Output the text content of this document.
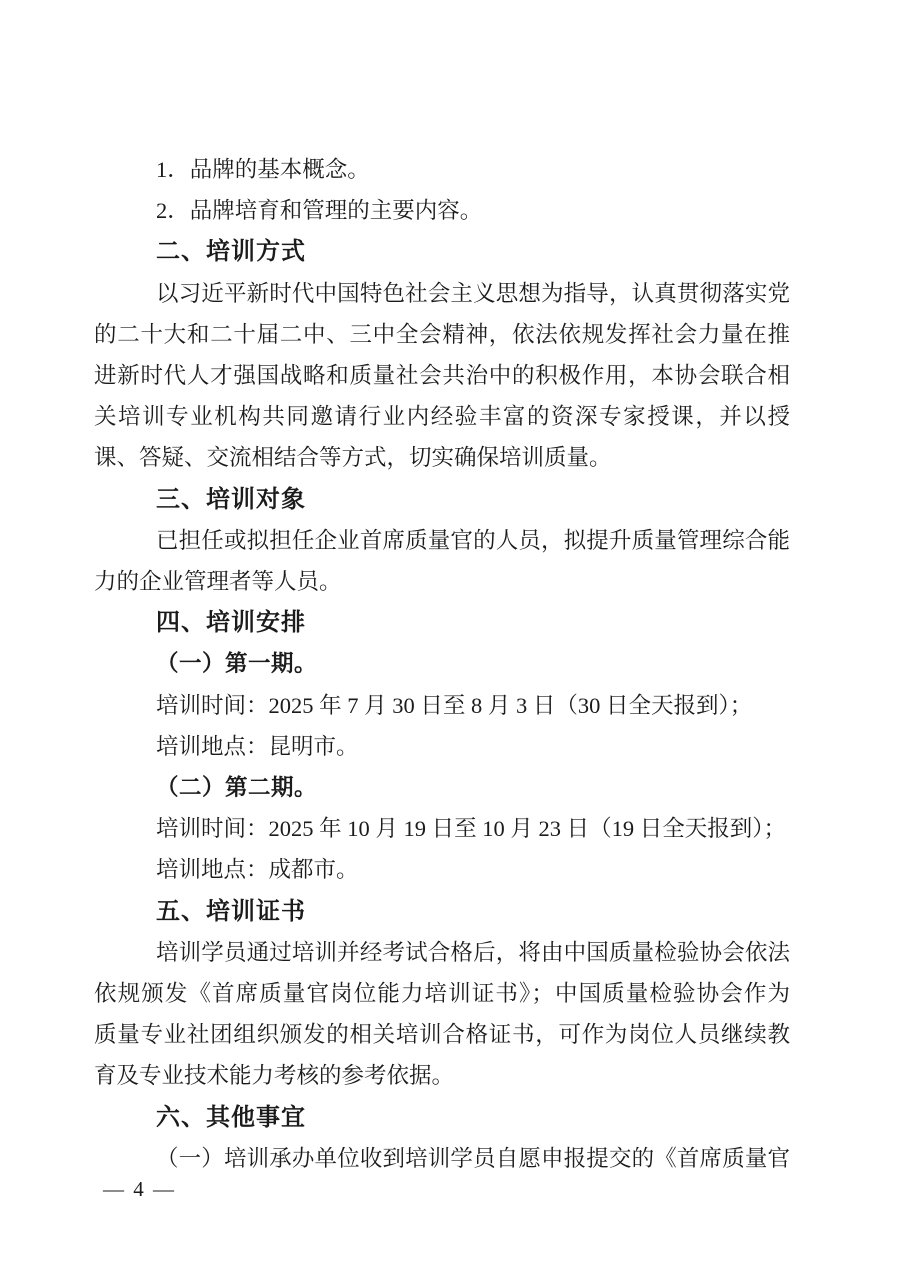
1．品牌的基本概念。
2．品牌培育和管理的主要内容。
二、培训方式
以习近平新时代中国特色社会主义思想为指导，认真贯彻落实党
的二十大和二十届二中、三中全会精神，依法依规发挥社会力量在推
进新时代人才强国战略和质量社会共治中的积极作用，本协会联合相
关培训专业机构共同邀请行业内经验丰富的资深专家授课，并以授
课、答疑、交流相结合等方式，切实确保培训质量。
三、培训对象
已担任或拟担任企业首席质量官的人员，拟提升质量管理综合能
力的企业管理者等人员。
四、培训安排
（一）第一期。
培训时间：2025 年 7 月 30 日至 8 月 3 日（30 日全天报到）；
培训地点：昆明市。
（二）第二期。
培训时间：2025 年 10 月 19 日至 10 月 23 日（19 日全天报到）；
培训地点：成都市。
五、培训证书
培训学员通过培训并经考试合格后，将由中国质量检验协会依法
依规颁发《首席质量官岗位能力培训证书》；中国质量检验协会作为
质量专业社团组织颁发的相关培训合格证书，可作为岗位人员继续教
育及专业技术能力考核的参考依据。
六、其他事宜
（一）培训承办单位收到培训学员自愿申报提交的《首席质量官
— 4 —
